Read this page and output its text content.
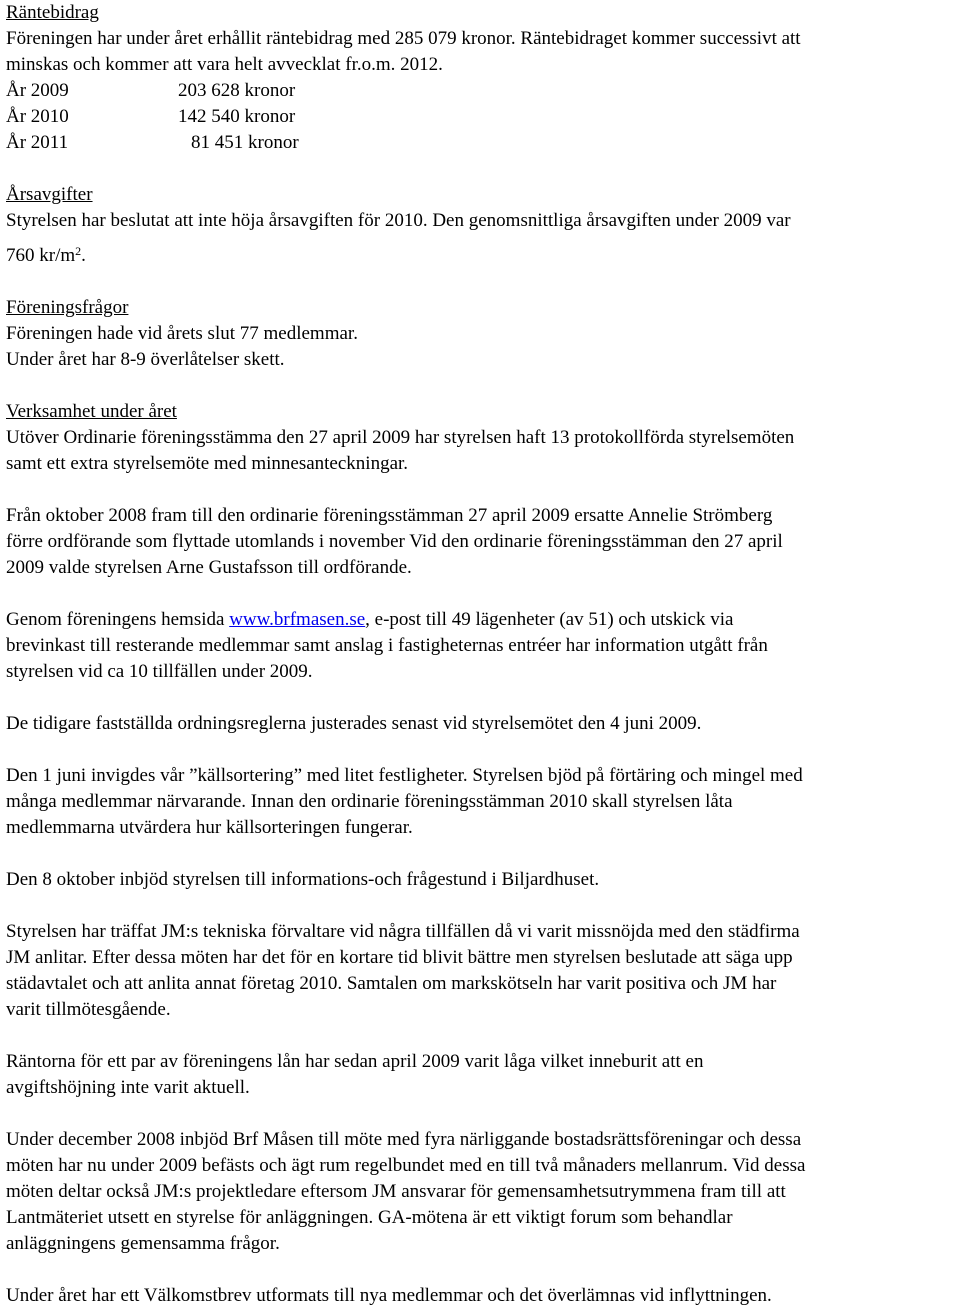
Räntebidrag
Föreningen har under året erhållit räntebidrag med 285 079 kronor. Räntebidraget kommer successivt att
minskas och kommer att vara helt avvecklat fr.o.m. 2012.
År 2009	203 628 kronor
År 2010	142 540 kronor
År 2011	81 451 kronor
Årsavgifter
Styrelsen har beslutat att inte höja årsavgiften för 2010. Den genomsnittliga årsavgiften under 2009 var
760 $kr/m^2$.
Föreningsfrågor
Föreningen hade vid årets slut 77 medlemmar.
Under året har 8-9 överlåtelser skett.
Verksamhet under året
Utöver Ordinarie föreningsstämma den 27 april 2009 har styrelsen haft 13 protokollförda styrelsemöten
samt ett extra styrelsemöte med minnesanteckningar.
Från oktober 2008 fram till den ordinarie föreningsstämman 27 april 2009 ersatte Annelie Strömberg
förre ordförande som flyttade utomlands i november Vid den ordinarie föreningsstämman den 27 april
2009 valde styrelsen Arne Gustafsson till ordförande.
Genom föreningens hemsida www.brfmasen.se, e-post till 49 lägenheter (av 51) och utskick via
brevinkast till resterande medlemmar samt anslag i fastigheternas entréer har information utgått från
styrelsen vid ca 10 tillfällen under 2009.
De tidigare fastställda ordningsreglerna justerades senast vid styrelsemötet den 4 juni 2009.
Den 1 juni invigdes vår ”källsortering” med litet festligheter. Styrelsen bjöd på förtäring och mingel med
många medlemmar närvarande. Innan den ordinarie föreningsstämman 2010 skall styrelsen låta
medlemmarna utvärdera hur källsorteringen fungerar.
Den 8 oktober inbjöd styrelsen till informations-och frågestund i Biljardhuset.
Styrelsen har träffat JM:s tekniska förvaltare vid några tillfällen då vi varit missnöjda med den städfirma
JM anlitar. Efter dessa möten har det för en kortare tid blivit bättre men styrelsen beslutade att säga upp
städavtalet och att anlita annat företag 2010. Samtalen om markskötseln har varit positiva och JM har
varit tillmötesgående.
Räntorna för ett par av föreningens lån har sedan april 2009 varit låga vilket inneburit att en
avgiftshöjning inte varit aktuell.
Under december 2008 inbjöd Brf Måsen till möte med fyra närliggande bostadsrättsföreningar och dessa
möten har nu under 2009 befästs och ägt rum regelbundet med en till två månaders mellanrum. Vid dessa
möten deltar också JM:s projektledare eftersom JM ansvarar för gemensamhetsutrymmena fram till att
Lantmäteriet utsett en styrelse för anläggningen. GA-mötena är ett viktigt forum som behandlar
anläggningens gemensamma frågor.
Under året har ett Välkomstbrev utformats till nya medlemmar och det överlämnas vid inflyttningen.
